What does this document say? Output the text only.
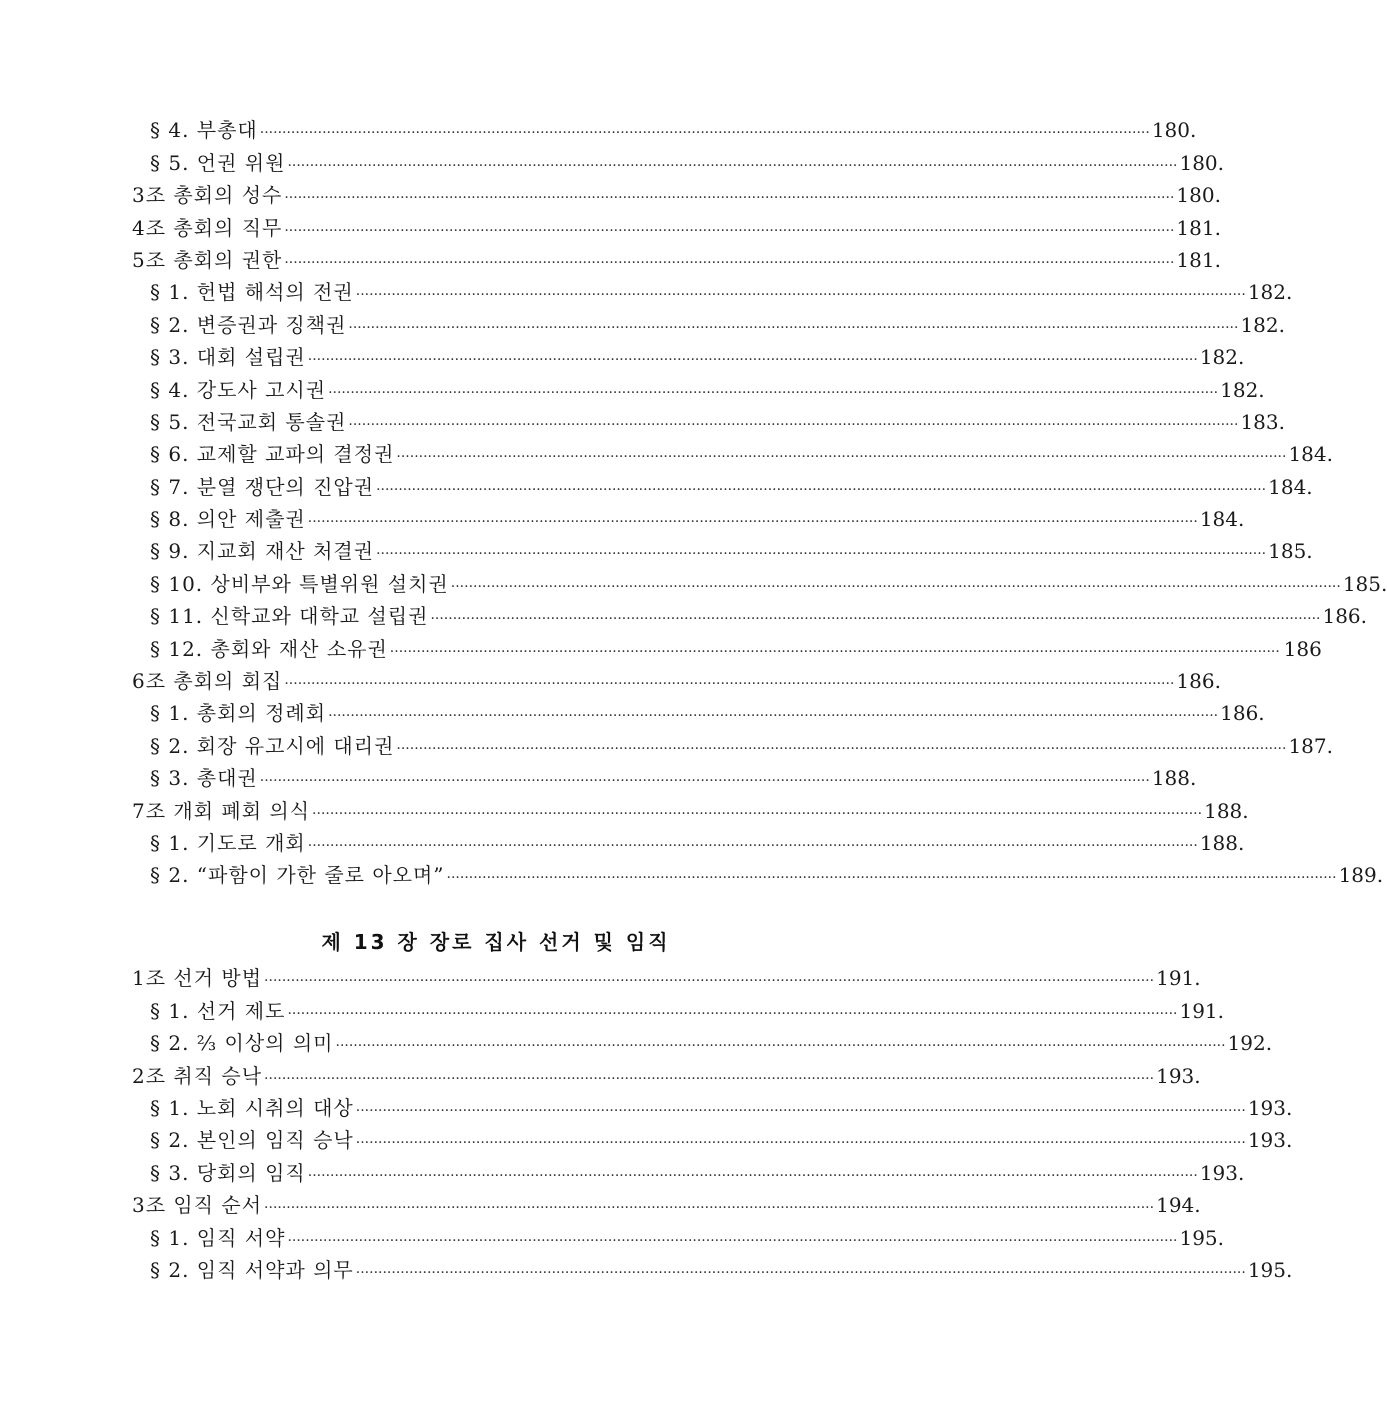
§ 4. 부총대 ········································································································································································································ 180.
§ 5. 언권 위원 ········································································································································································································ 180.
3조 총회의 성수 ········································································································································································································ 180.
4조 총회의 직무 ········································································································································································································ 181.
5조 총회의 권한 ········································································································································································································ 181.
§ 1. 헌법 해석의 전권 ········································································································································································································ 182.
§ 2. 변증권과 징책권 ········································································································································································································ 182.
§ 3. 대회 설립권 ········································································································································································································ 182.
§ 4. 강도사 고시권 ········································································································································································································ 182.
§ 5. 전국교회 통솔권 ········································································································································································································ 183.
§ 6. 교제할 교파의 결정권 ········································································································································································································ 184.
§ 7. 분열 쟁단의 진압권 ········································································································································································································ 184.
§ 8. 의안 제출권 ········································································································································································································ 184.
§ 9. 지교회 재산 처결권 ········································································································································································································ 185.
§ 10. 상비부와 특별위원 설치권 ········································································································································································································ 185.
§ 11. 신학교와 대학교 설립권 ········································································································································································································ 186.
§ 12. 총회와 재산 소유권 ········································································································································································································ 186
6조 총회의 회집 ········································································································································································································ 186.
§ 1. 총회의 정례회 ········································································································································································································ 186.
§ 2. 회장 유고시에 대리권 ········································································································································································································ 187.
§ 3. 총대권 ········································································································································································································ 188.
7조 개회 폐회 의식 ········································································································································································································ 188.
§ 1. 기도로 개회 ········································································································································································································ 188.
§ 2. “파함이 가한 줄로 아오며” ········································································································································································································ 189.
제 13 장 장로 집사 선거 및 임직
1조 선거 방법 ········································································································································································································ 191.
§ 1. 선거 제도 ········································································································································································································ 191.
§ 2. ⅔ 이상의 의미 ········································································································································································································ 192.
2조 취직 승낙 ········································································································································································································ 193.
§ 1. 노회 시취의 대상 ········································································································································································································ 193.
§ 2. 본인의 임직 승낙 ········································································································································································································ 193.
§ 3. 당회의 임직 ········································································································································································································ 193.
3조 임직 순서 ········································································································································································································ 194.
§ 1. 임직 서약 ········································································································································································································ 195.
§ 2. 임직 서약과 의무 ········································································································································································································ 195.
